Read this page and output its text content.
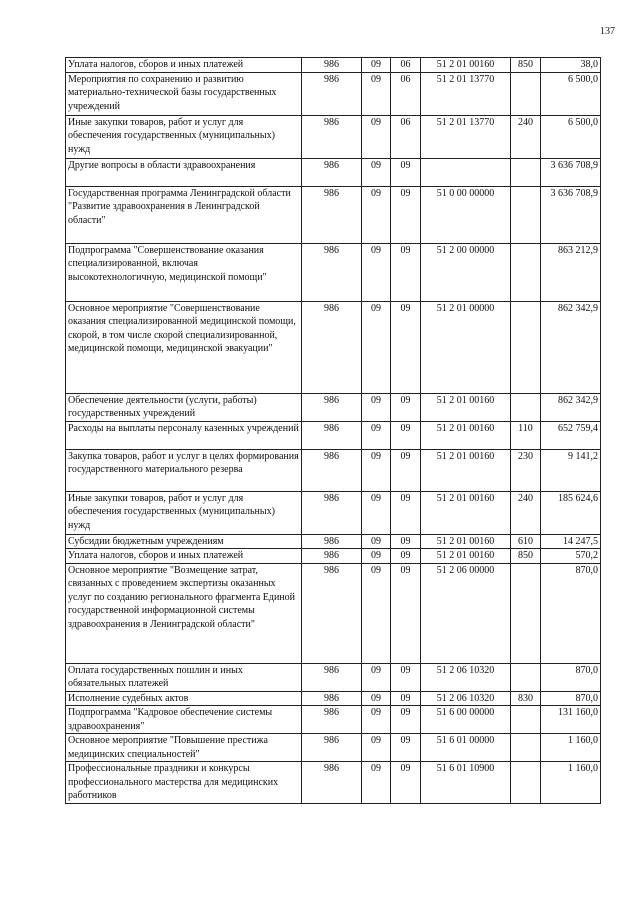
137
Уплата налогов, сборов и иных платежей	986	09	06	51 2 01 00160	850	38,0
Мероприятия по сохранению и развитию материально-технической базы государственных учреждений	986	09	06	51 2 01 13770		6 500,0
Иные закупки товаров, работ и услуг для обеспечения государственных (муниципальных) нужд	986	09	06	51 2 01 13770	240	6 500,0
Другие вопросы в области здравоохранения	986	09	09			3 636 708,9
Государственная программа Ленинградской области "Развитие здравоохранения в Ленинградской области"	986	09	09	51 0 00 00000		3 636 708,9
Подпрограмма "Совершенствование оказания специализированной, включая высокотехнологичную, медицинской помощи"	986	09	09	51 2 00 00000		863 212,9
Основное мероприятие "Совершенствование оказания специализированной медицинской помощи, скорой, в том числе скорой специализированной, медицинской помощи, медицинской эвакуации"	986	09	09	51 2 01 00000		862 342,9
Обеспечение деятельности (услуги, работы) государственных учреждений	986	09	09	51 2 01 00160		862 342,9
Расходы на выплаты персоналу казенных учреждений	986	09	09	51 2 01 00160	110	652 759,4
Закупка товаров, работ и услуг в целях формирования государственного материального резерва	986	09	09	51 2 01 00160	230	9 141,2
Иные закупки товаров, работ и услуг для обеспечения государственных (муниципальных) нужд	986	09	09	51 2 01 00160	240	185 624,6
Субсидии бюджетным учреждениям	986	09	09	51 2 01 00160	610	14 247,5
Уплата налогов, сборов и иных платежей	986	09	09	51 2 01 00160	850	570,2
Основное мероприятие "Возмещение затрат, связанных с проведением экспертизы оказанных услуг по созданию регионального фрагмента Единой государственной информационной системы здравоохранения в Ленинградской области"	986	09	09	51 2 06 00000		870,0
Оплата государственных пошлин и иных обязательных платежей	986	09	09	51 2 06 10320		870,0
Исполнение судебных актов	986	09	09	51 2 06 10320	830	870,0
Подпрограмма "Кадровое обеспечение системы здравоохранения"	986	09	09	51 6 00 00000		131 160,0
Основное мероприятие "Повышение престижа медицинских специальностей"	986	09	09	51 6 01 00000		1 160,0
Профессиональные праздники и конкурсы профессионального мастерства для медицинских работников	986	09	09	51 6 01 10900		1 160,0
